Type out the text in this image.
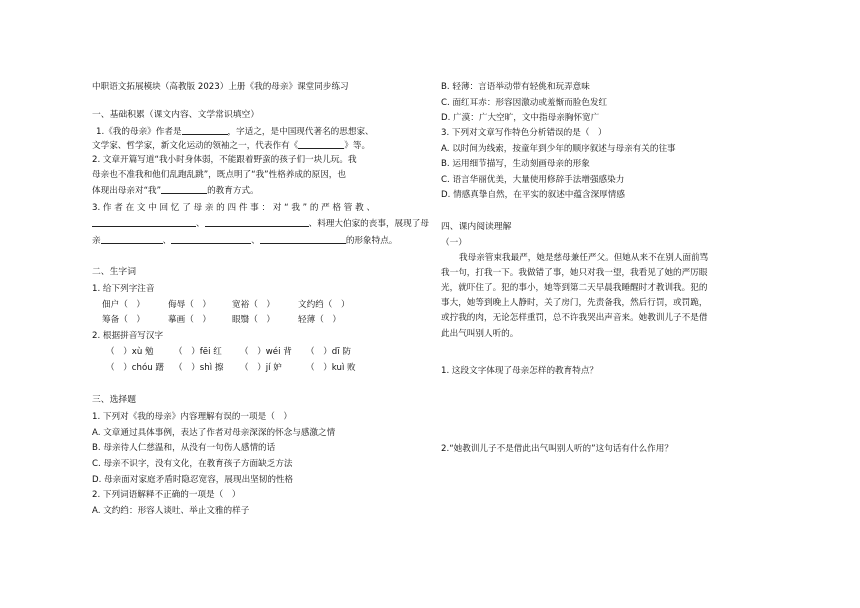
中职语文拓展模块（高教版 2023）上册《我的母亲》课堂同步练习
一、基础积累（课文内容、文学常识填空）
1.《我的母亲》作者是	，字适之，是中国现代著名的思想家、
文学家、哲学家，新文化运动的领袖之一，代表作有《	》等。
2. 文章开篇写道“我小时身体弱，不能跟着野蛮的孩子们一块儿玩。我
母亲也不准我和他们乱跑乱跳”，既点明了“我”性格养成的原因，也
体现出母亲对“我”	的教育方式。
3. 作 者 在 文 中 回 忆 了 母 亲 的 四 件 事 ： 对 “ 我 ” 的 严 格 管 教 、
、	、料理大伯家的丧事，展现了母
亲	、	、	的形象特点。
二、生字词
1. 给下列字注音
佃户（　）	侮辱（　） 宽裕（　）	文约绉（　）
筹备（　）	摹画（　） 眼翳（　）	轻薄（　）
2. 根据拼音写汉字
（　）xù 勉 （　）fēi 红 （　）wéi 背 （　）dī 防
（　）chóu 躇 （　）shì 擦 （　）jí 妒	（　）kuì 败
三、选择题
1. 下列对《我的母亲》内容理解有误的一项是（　）
A. 文章通过具体事例，表达了作者对母亲深深的怀念与感激之情
B. 母亲待人仁慈温和，从没有一句伤人感情的话
C. 母亲不识字，没有文化，在教育孩子方面缺乏方法
D. 母亲面对家庭矛盾时隐忍宽容，展现出坚韧的性格
2. 下列词语解释不正确的一项是（　）
A. 文约绉：形容人谈吐、举止文雅的样子
B. 轻薄：言语举动带有轻佻和玩弄意味
C. 面红耳赤：形容因激动或羞惭而脸色发红
D. 广漠：广大空旷，文中指母亲胸怀宽广
3. 下列对文章写作特色分析错误的是（　）
A. 以时间为线索，按童年到少年的顺序叙述与母亲有关的往事
B. 运用细节描写，生动刻画母亲的形象
C. 语言华丽优美，大量使用修辞手法增强感染力
D. 情感真挚自然，在平实的叙述中蕴含深厚情感
四、课内阅读理解
（一）
我母亲管束我最严，她是慈母兼任严父。但她从来不在别人面前骂
我一句，打我一下。我做错了事，她只对我一望，我看见了她的严厉眼
光，就吓住了。犯的事小，她等到第二天早晨我睡醒时才教训我。犯的
事大，她等到晚上人静时，关了房门，先责备我，然后行罚，或罚跪，
或拧我的肉，无论怎样重罚，总不许我哭出声音来。她教训儿子不是借
此出气叫别人听的。
1. 这段文字体现了母亲怎样的教育特点？
2.“她教训儿子不是借此出气叫别人听的”这句话有什么作用？
